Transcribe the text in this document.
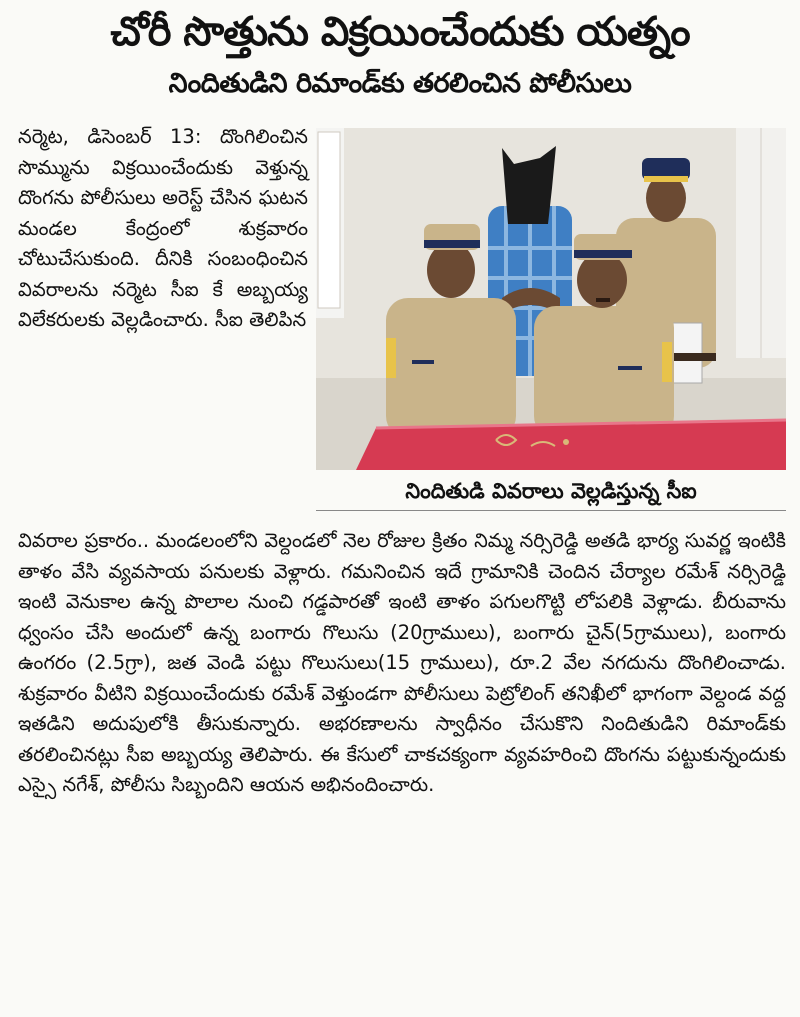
చోరీ సొత్తును విక్రయించేందుకు యత్నం
నిందితుడిని రిమాండ్‌కు తరలించిన పోలీసులు

నర్మెట, డిసెంబర్ 13: దొంగిలించిన సొమ్మును విక్రయించేందుకు వెళ్తున్న దొంగను పోలీసులు అరెస్ట్ చేసిన ఘటన మండల కేంద్రంలో శుక్రవారం చోటుచేసుకుంది. దీనికి సంబంధించిన వివరాలను నర్మెట సీఐ కే అబ్బయ్య విలేకరులకు వెల్లడించారు. సీఐ తెలిపిన

నిందితుడి వివరాలు వెల్లడిస్తున్న సీఐ

వివరాల ప్రకారం.. మండలంలోని వెల్దండలో నెల రోజుల క్రితం నిమ్మ నర్సిరెడ్డి అతడి భార్య సువర్ణ ఇంటికి తాళం వేసి వ్యవసాయ పనులకు వెళ్లారు. గమనించిన ఇదే గ్రామానికి చెందిన చేర్యాల రమేశ్ నర్సిరెడ్డి ఇంటి వెనుకాల ఉన్న పొలాల నుంచి గడ్డపారతో ఇంటి తాళం పగులగొట్టి లోపలికి వెళ్లాడు. బీరువాను ధ్వంసం చేసి అందులో ఉన్న బంగారు గొలుసు (20గ్రాములు), బంగారు చైన్(5గ్రాములు), బంగారు ఉంగరం (2.5గ్రా), జత వెండి పట్టు గొలుసులు(15 గ్రాములు), రూ.2 వేల నగదును దొంగిలించాడు. శుక్రవారం వీటిని విక్రయించేందుకు రమేశ్ వెళ్తుండగా పోలీసులు పెట్రోలింగ్ తనిఖీలో భాగంగా వెల్దండ వద్ద ఇతడిని అదుపులోకి తీసుకున్నారు. అభరణాలను స్వాధీనం చేసుకొని నిందితుడిని రిమాండ్‌కు తరలించినట్లు సీఐ అబ్బయ్య తెలిపారు. ఈ కేసులో చాకచక్యంగా వ్యవహరించి దొంగను పట్టుకున్నందుకు ఎస్సై నగేశ్, పోలీసు సిబ్బందిని ఆయన అభినందించారు.
